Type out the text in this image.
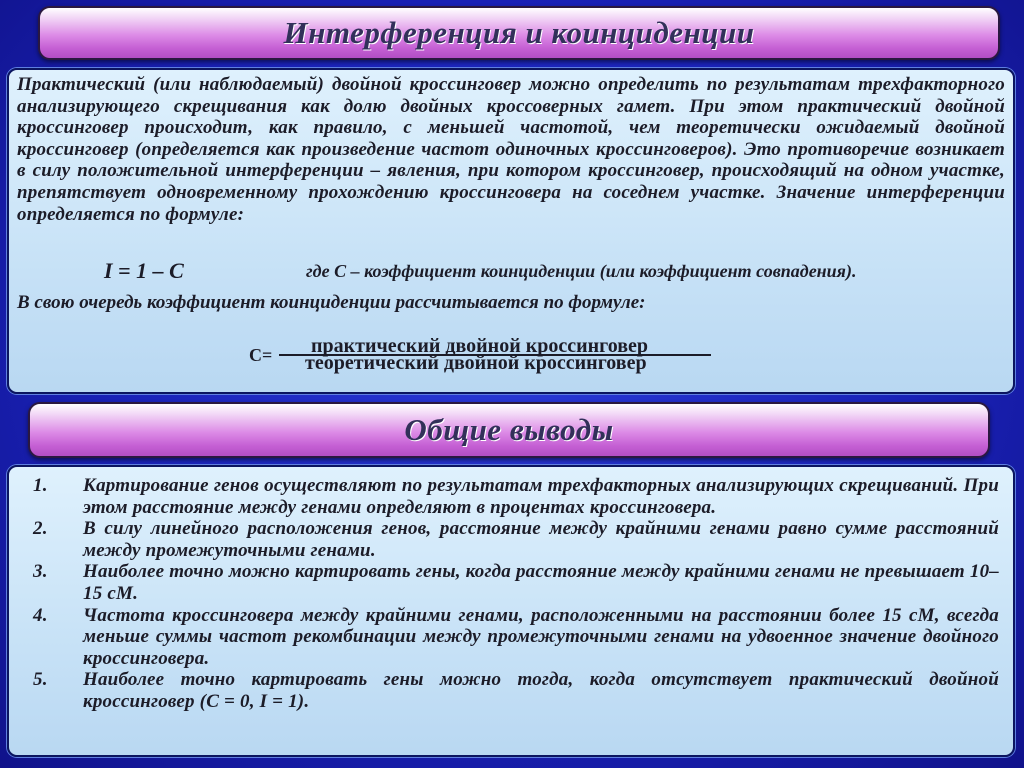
Интерференция и коинциденции

Практический (или наблюдаемый) двойной кроссинговер можно определить по результатам трехфакторного анализирующего скрещивания как долю двойных кроссоверных гамет. При этом практический двойной кроссинговер происходит, как правило, с меньшей частотой, чем теоретически ожидаемый двойной кроссинговер (определяется как произведение частот одиночных кроссинговеров). Это противоречие возникает в силу положительной интерференции – явления, при котором кроссинговер, происходящий на одном участке, препятствует одновременному прохождению кроссинговера на соседнем участке. Значение интерференции определяется по формуле:

I = 1 – C	где С – коэффициент коинциденции (или коэффициент совпадения).

В свою очередь коэффициент коинциденции рассчитывается по формуле:

С= практический двойной кроссинговер
теоретический двойной кроссинговер
Общие выводы
1. Картирование генов осуществляют по результатам трехфакторных анализирующих скрещиваний. При этом расстояние между генами определяют в процентах кроссинговера.
2. В силу линейного расположения генов, расстояние между крайними генами равно сумме расстояний между промежуточными генами.
3. Наиболее точно можно картировать гены, когда расстояние между крайними генами не превышает 10–15 сМ.
4. Частота кроссинговера между крайними генами, расположенными на расстоянии более 15 сМ, всегда меньше суммы частот рекомбинации между промежуточными генами на удвоенное значение двойного кроссинговера.
5. Наиболее точно картировать гены можно тогда, когда отсутствует практический двойной кроссинговер (С = 0, I = 1).
